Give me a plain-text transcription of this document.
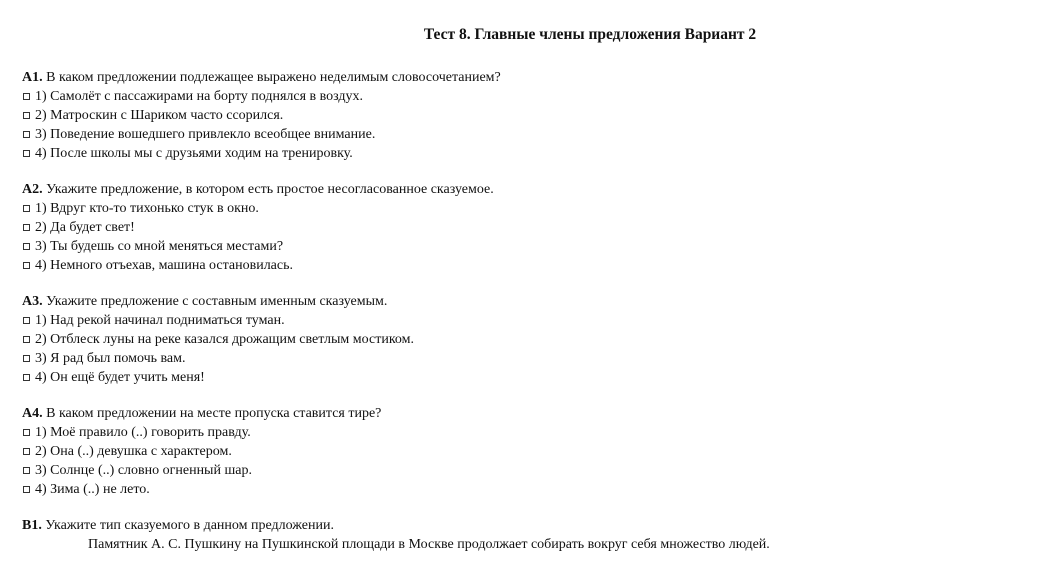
Тест 8. Главные члены предложения Вариант 2
А1. В каком предложении подлежащее выражено неделимым словосочетанием?
1) Самолёт с пассажирами на борту поднялся в воздух.
2) Матроскин с Шариком часто ссорился.
3) Поведение вошедшего привлекло всеобщее внимание.
4) После школы мы с друзьями ходим на тренировку.
А2. Укажите предложение, в котором есть простое несогласованное сказуемое.
1) Вдруг кто-то тихонько стук в окно.
2) Да будет свет!
3) Ты будешь со мной меняться местами?
4) Немного отъехав, машина остановилась.
А3. Укажите предложение с составным именным сказуемым.
1) Над рекой начинал подниматься туман.
2) Отблеск луны на реке казался дрожащим светлым мостиком.
3) Я рад был помочь вам.
4) Он ещё будет учить меня!
А4. В каком предложении на месте пропуска ставится тире?
1) Моё правило (..) говорить правду.
2) Она (..) девушка с характером.
3) Солнце (..) словно огненный шар.
4) Зима (..) не лето.
В1. Укажите тип сказуемого в данном предложении.
Памятник А. С. Пушкину на Пушкинской площади в Москве продолжает собирать вокруг себя множество людей.
